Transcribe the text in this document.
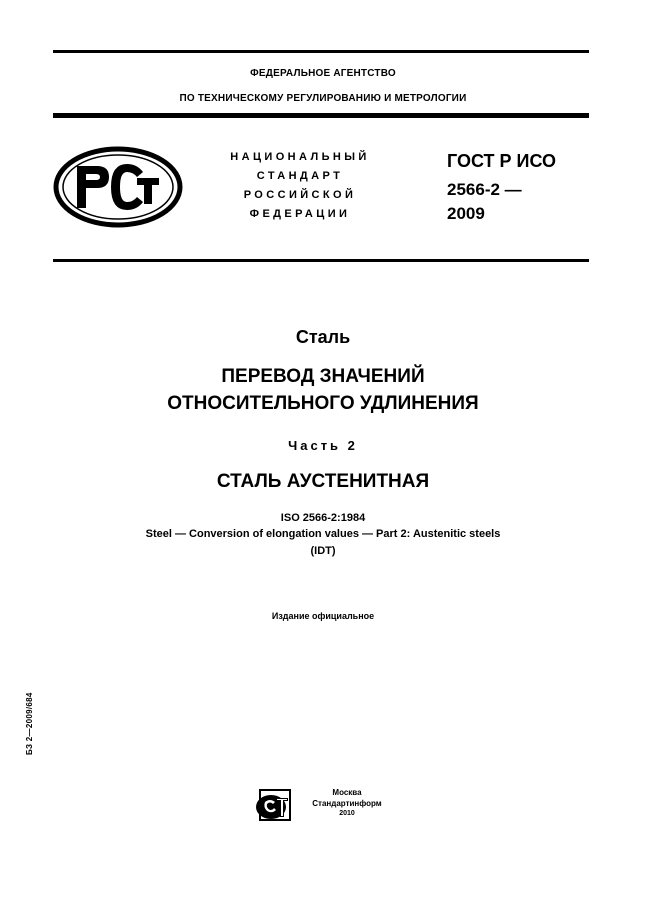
ФЕДЕРАЛЬНОЕ АГЕНТСТВО
ПО ТЕХНИЧЕСКОМУ РЕГУЛИРОВАНИЮ И МЕТРОЛОГИИ
НАЦИОНАЛЬНЫЙ
СТАНДАРТ
РОССИЙСКОЙ
ФЕДЕРАЦИИ
ГОСТ Р ИСО
2566-2 —
2009
Сталь
ПЕРЕВОД ЗНАЧЕНИЙ
ОТНОСИТЕЛЬНОГО УДЛИНЕНИЯ
Часть 2
СТАЛЬ АУСТЕНИТНАЯ
ISO 2566-2:1984
Steel — Conversion of elongation values — Part 2: Austenitic steels
(IDT)
Издание официальное
БЗ 2—2009/684
Москва
Стандартинформ
2010
